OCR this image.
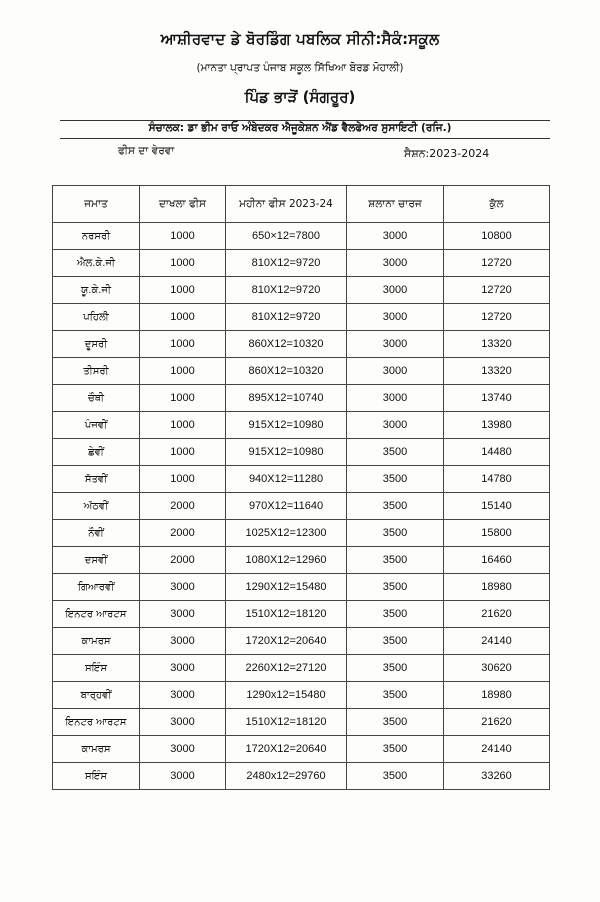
ਆਸ਼ੀਰਵਾਦ ਡੇ ਬੋਰਡਿੰਗ ਪਬਲਿਕ ਸੀਨੀ:ਸੈਕੰ:ਸਕੂਲ
(ਮਾਨਤਾ ਪ੍ਰਾਪਤ ਪੰਜਾਬ ਸਕੂਲ ਸਿੱਖਿਆ ਬੋਰਡ ਮੋਹਾਲੀ)
ਪਿੰਡ ਭਾੜੋਂ (ਸੰਗਰੂਰ)
ਸੰਚਾਲਕ: ਡਾ ਭੀਮ ਰਾਓ ਅੰਬੇਦਕਰ ਐਜੂਕੇਸ਼ਨ ਐਂਡ ਵੈਲਫੇਅਰ ਸੁਸਾਇਟੀ (ਰਜਿ.)
ਫੀਸ ਦਾ ਵੇਰਵਾ	ਸੈਸ਼ਨ:2023-2024
ਜਮਾਤ	ਦਾਖਲਾ ਫੀਸ	ਮਹੀਨਾ ਫੀਸ 2023-24	ਸ਼ਲਾਨਾ ਚਾਰਜ	ਕੁੱਲ
ਨਰਸਰੀ	1000	650×12=7800	3000	10800
ਐਲ.ਕੇ.ਜੀ	1000	810X12=9720	3000	12720
ਯੂ.ਕੇ.ਜੀ	1000	810X12=9720	3000	12720
ਪਹਿਲੀ	1000	810X12=9720	3000	12720
ਦੂਸਰੀ	1000	860X12=10320	3000	13320
ਤੀਸਰੀ	1000	860X12=10320	3000	13320
ਚੌਥੀ	1000	895X12=10740	3000	13740
ਪੰਜਵੀਂ	1000	915X12=10980	3000	13980
ਛੇਵੀਂ	1000	915X12=10980	3500	14480
ਸੱਤਵੀਂ	1000	940X12=11280	3500	14780
ਅੱਠਵੀਂ	2000	970X12=11640	3500	15140
ਨੌਵੀਂ	2000	1025X12=12300	3500	15800
ਦਸਵੀਂ	2000	1080X12=12960	3500	16460
ਗਿਆਰਵੀਂ	3000	1290X12=15480	3500	18980
ਇਨਟਰ ਆਰਟਸ	3000	1510X12=18120	3500	21620
ਕਾਮਰਸ	3000	1720X12=20640	3500	24140
ਸਇੰਸ	3000	2260X12=27120	3500	30620
ਬਾਰ੍ਹਵੀਂ	3000	1290x12=15480	3500	18980
ਇਨਟਰ ਆਰਟਸ	3000	1510X12=18120	3500	21620
ਕਾਮਰਸ	3000	1720X12=20640	3500	24140
ਸਇੰਸ	3000	2480x12=29760	3500	33260
